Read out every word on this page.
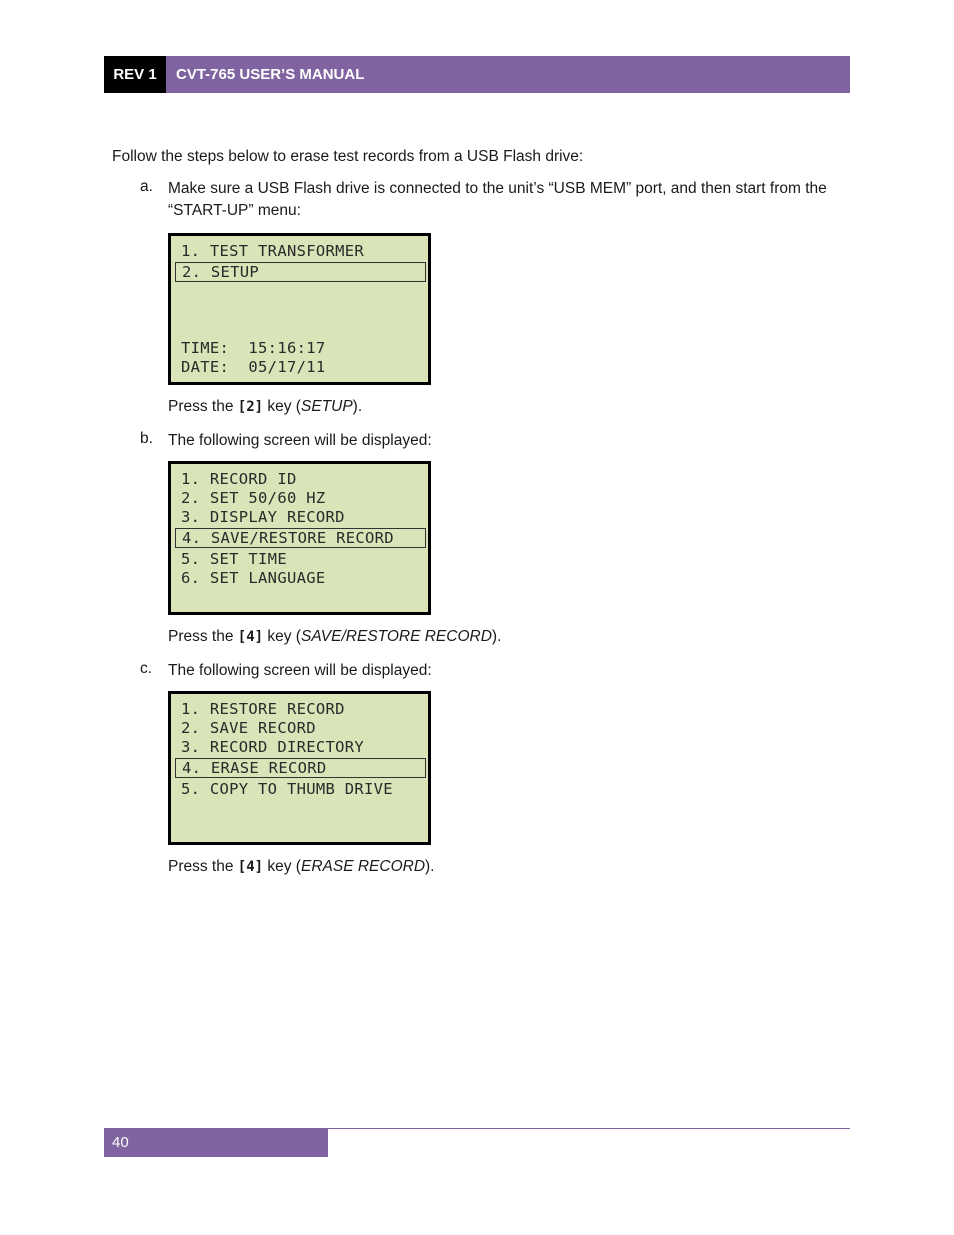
REV 1	CVT-765 USER’S MANUAL
Follow the steps below to erase test records from a USB Flash drive:
a. Make sure a USB Flash drive is connected to the unit’s “USB MEM” port, and then start from the “START-UP” menu:
1. TEST TRANSFORMER
2. SETUP
TIME:  15:16:17
DATE:  05/17/11
Press the [2] key (SETUP).
b. The following screen will be displayed:
1. RECORD ID
2. SET 50/60 HZ
3. DISPLAY RECORD
4. SAVE/RESTORE RECORD
5. SET TIME
6. SET LANGUAGE
Press the [4] key (SAVE/RESTORE RECORD).
c. The following screen will be displayed:
1. RESTORE RECORD
2. SAVE RECORD
3. RECORD DIRECTORY
4. ERASE RECORD
5. COPY TO THUMB DRIVE
Press the [4] key (ERASE RECORD).
40
